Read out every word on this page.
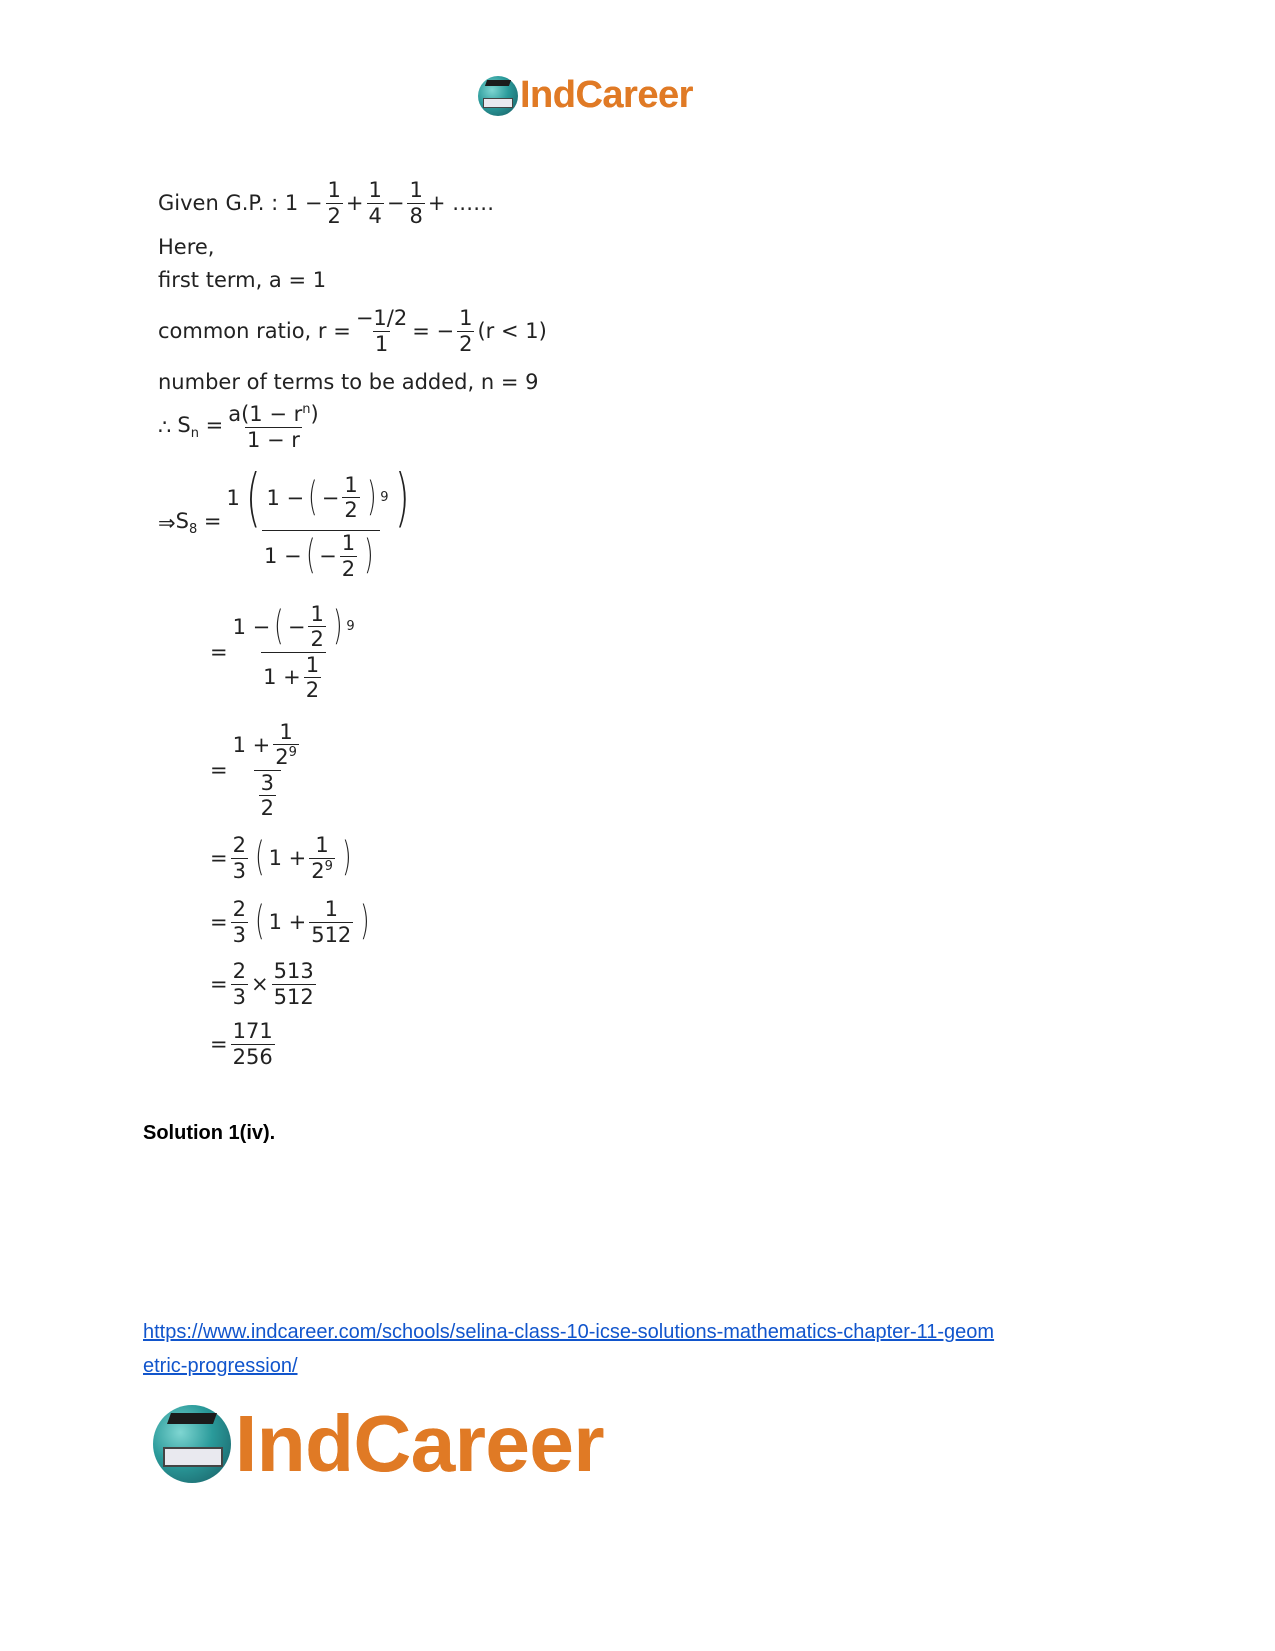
IndCareer
Given G.P. : $1 - \frac{1}{2} + \frac{1}{4} - \frac{1}{8}$ + ……
Here,
first term, a = 1
common ratio, $r = \frac{-1/2}{1}$ = − $\frac{1}{2} (r < 1)$
number of terms to be added, n = 9
∴ $S_n = \frac{a(1 - r^n)}{1 - r}$
⇒ $S_8 = \frac{1 ( 1 - ( - \frac{1}{2} ) 9 )}{1 - ( - \frac{1}{2} )}$
= $\frac{1 - ( - \frac{1}{2} ) 9}{1 + \frac{1}{2}}$
= $\frac{1 + \frac{1}{2^9}}{\frac{3}{2}}$
= $\frac{2}{3}$ ( $1 + \frac{1}{2^9}$ )
= $\frac{2}{3}$ ( $1 + \frac{1}{512}$ )
= $\frac{2}{3} \times \frac{513}{512}$
= $\frac{171}{256}$
Solution 1(iv).
https://www.indcareer.com/schools/selina-class-10-icse-solutions-mathematics-chapter-11-geom
etric-progression/
IndCareer
